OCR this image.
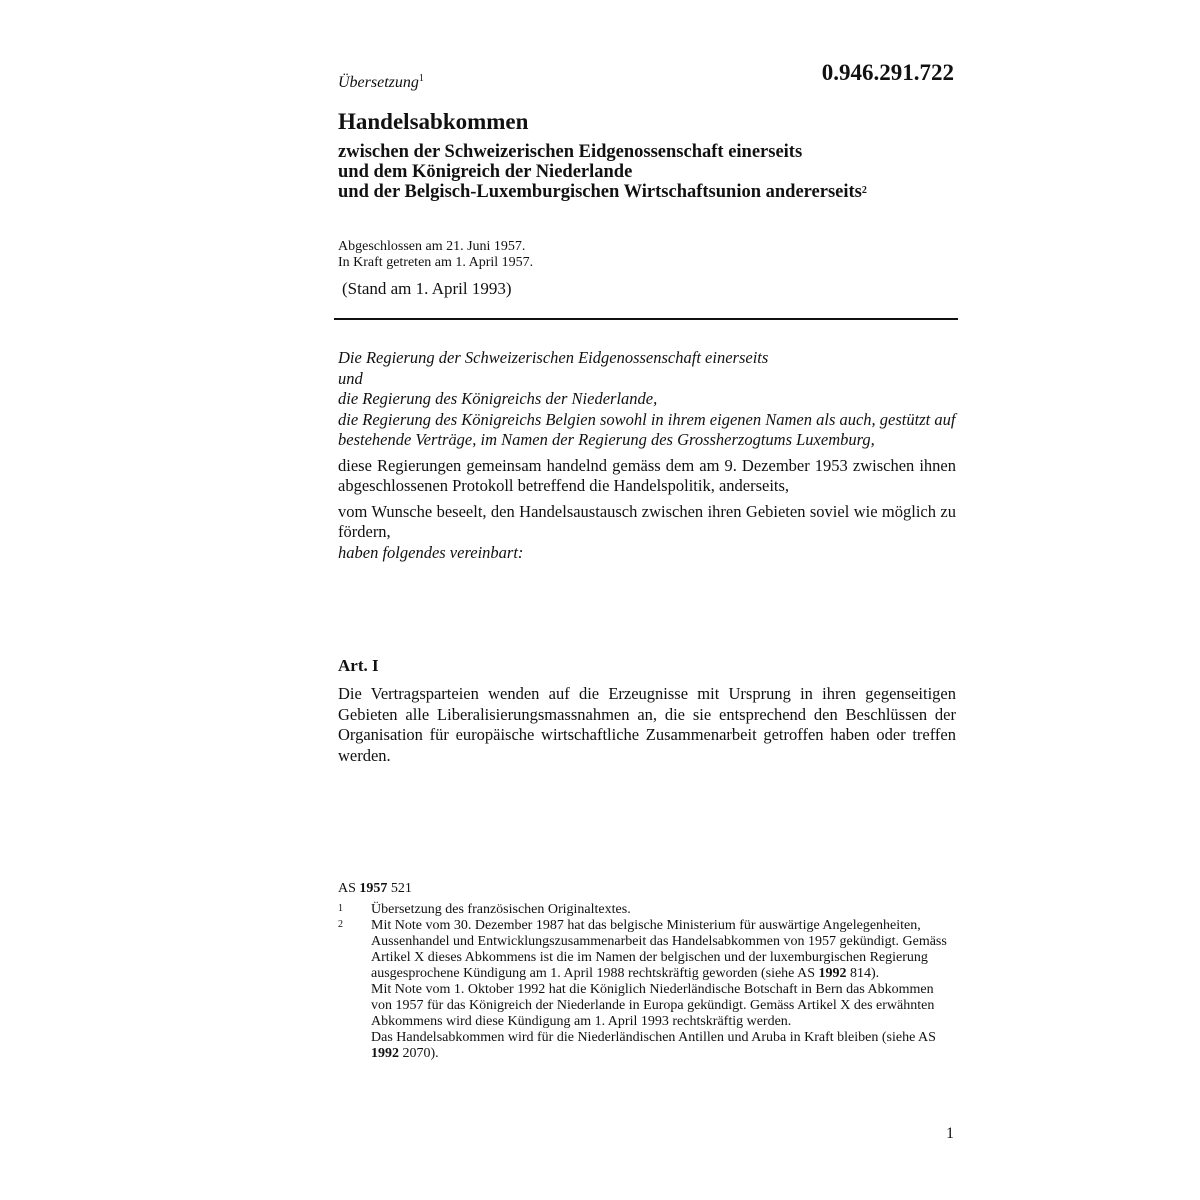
Übersetzung$^1$	0.946.291.722
Handelsabkommen
zwischen der Schweizerischen Eidgenossenschaft einerseits
und dem Königreich der Niederlande
und der Belgisch-Luxemburgischen Wirtschaftsunion andererseits$^2$
Abgeschlossen am 21. Juni 1957.
In Kraft getreten am 1. April 1957.
(Stand am 1. April 1993)

Die Regierung der Schweizerischen Eidgenossenschaft einerseits

und

die Regierung des Königreichs der Niederlande,

die Regierung des Königreichs Belgien sowohl in ihrem eigenen Namen als auch, gestützt auf bestehende Verträge, im Namen der Regierung des Grossherzogtums Luxemburg,

diese Regierungen gemeinsam handelnd gemäss dem am 9. Dezember 1953 zwischen ihnen abgeschlossenen Protokoll betreffend die Handelspolitik, anderseits,

vom Wunsche beseelt, den Handelsaustausch zwischen ihren Gebieten soviel wie möglich zu fördern,

haben folgendes vereinbart:

Art. I
Die Vertragsparteien wenden auf die Erzeugnisse mit Ursprung in ihren gegenseitigen Gebieten alle Liberalisierungsmassnahmen an, die sie entsprechend den Beschlüssen der Organisation für europäische wirtschaftliche Zusammenarbeit getroffen haben oder treffen werden.
AS 1957 521
1	Übersetzung des französischen Originaltextes.
2	Mit Note vom 30. Dezember 1987 hat das belgische Ministerium für auswärtige Angelegenheiten, Aussenhandel und Entwicklungszusammenarbeit das Handelsabkommen von 1957 gekündigt. Gemäss Artikel X dieses Abkommens ist die im Namen der belgischen und der luxemburgischen Regierung ausgesprochene Kündigung am 1. April 1988 rechtskräftig geworden (siehe AS 1992 814).
Mit Note vom 1. Oktober 1992 hat die Königlich Niederländische Botschaft in Bern das Abkommen von 1957 für das Königreich der Niederlande in Europa gekündigt. Gemäss Artikel X des erwähnten Abkommens wird diese Kündigung am 1. April 1993 rechtskräftig werden.
Das Handelsabkommen wird für die Niederländischen Antillen und Aruba in Kraft bleiben (siehe AS 1992 2070).
1
